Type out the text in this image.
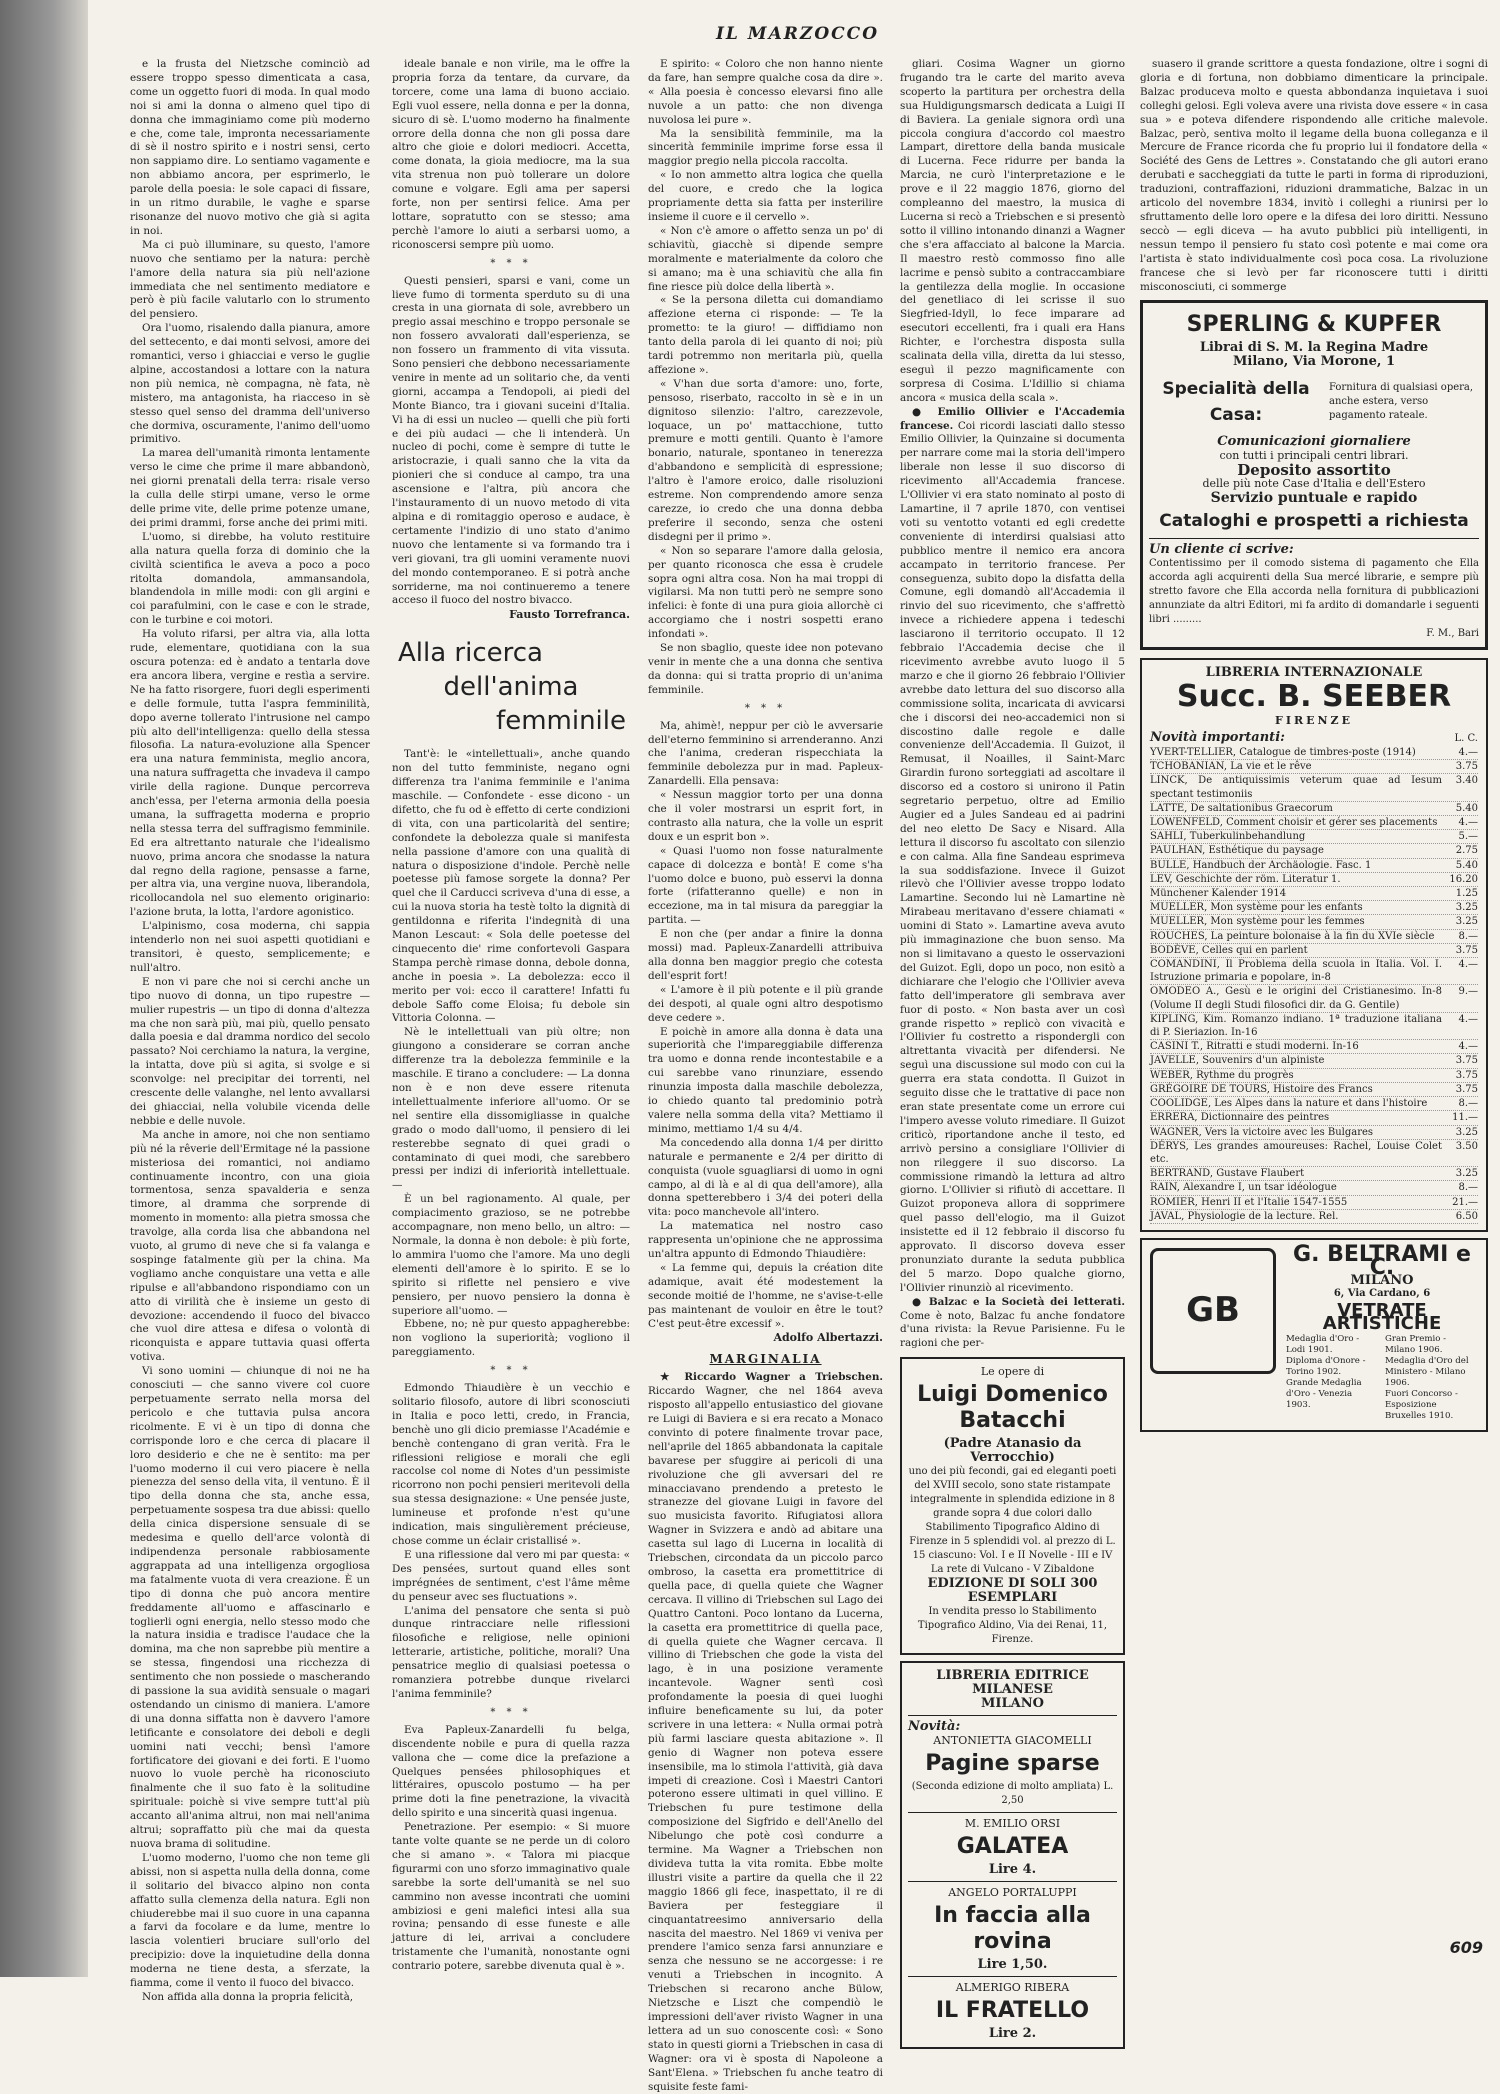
IL MARZOCCO

e la frusta del Nietzsche cominciò ad essere troppo spesso dimenticata a casa, come un oggetto fuori di moda. In qual modo noi si ami la donna o almeno quel tipo di donna che immaginiamo come più moderno e che, come tale, impronta necessariamente di sè il nostro spirito e i nostri sensi, certo non sappiamo dire. Lo sentiamo vagamente e non abbiamo ancora, per esprimerlo, le parole della poesia: le sole capaci di fissare, in un ritmo durabile, le vaghe e sparse risonanze del nuovo motivo che già si agita in noi.

Ma ci può illuminare, su questo, l'amore nuovo che sentiamo per la natura: perchè l'amore della natura sia più nell'azione immediata che nel sentimento mediatore e però è più facile valutarlo con lo strumento del pensiero.

Ora l'uomo, risalendo dalla pianura, amore del settecento, e dai monti selvosi, amore dei romantici, verso i ghiacciai e verso le guglie alpine, accostandosi a lottare con la natura non più nemica, nè compagna, nè fata, nè mistero, ma antagonista, ha riacceso in sè stesso quel senso del dramma dell'universo che dormiva, oscuramente, l'animo dell'uomo primitivo.

La marea dell'umanità rimonta lentamente verso le cime che prime il mare abbandonò, nei giorni prenatali della terra: risale verso la culla delle stirpi umane, verso le orme delle prime vite, delle prime potenze umane, dei primi drammi, forse anche dei primi miti.

L'uomo, si direbbe, ha voluto restituire alla natura quella forza di dominio che la civiltà scientifica le aveva a poco a poco ritolta domandola, ammansandola, blandendola in mille modi: con gli argini e coi parafulmini, con le case e con le strade, con le turbine e coi motori.

Ha voluto rifarsi, per altra via, alla lotta rude, elementare, quotidiana con la sua oscura potenza: ed è andato a tentarla dove era ancora libera, vergine e restìa a servire. Ne ha fatto risorgere, fuori degli esperimenti e delle formule, tutta l'aspra femminilità, dopo averne tollerato l'intrusione nel campo più alto dell'intelligenza: quello della stessa filosofia. La natura-evoluzione alla Spencer era una natura femminista, meglio ancora, una natura suffragetta che invadeva il campo virile della ragione. Dunque percorreva anch'essa, per l'eterna armonia della poesia umana, la suffragetta moderna e proprio nella stessa terra del suffragismo femminile. Ed era altrettanto naturale che l'idealismo nuovo, prima ancora che snodasse la natura dal regno della ragione, pensasse a farne, per altra via, una vergine nuova, liberandola, ricollocandola nel suo elemento originario: l'azione bruta, la lotta, l'ardore agonistico.

L'alpinismo, cosa moderna, chi sappia intenderlo non nei suoi aspetti quotidiani e transitori, è questo, semplicemente; e null'altro.

E non vi pare che noi si cerchi anche un tipo nuovo di donna, un tipo rupestre — mulier rupestris — un tipo di donna d'altezza ma che non sarà più, mai più, quello pensato dalla poesia e dal dramma nordico del secolo passato? Noi cerchiamo la natura, la vergine, la intatta, dove più si agita, si svolge e si sconvolge: nel precipitar dei torrenti, nel crescente delle valanghe, nel lento avvallarsi dei ghiacciai, nella volubile vicenda delle nebbie e delle nuvole.

Ma anche in amore, noi che non sentiamo più né la rêverie dell'Ermitage né la passione misteriosa dei romantici, noi andiamo continuamente incontro, con una gioia tormentosa, senza spavalderia e senza timore, al dramma che sorprende di momento in momento: alla pietra smossa che travolge, alla corda lisa che abbandona nel vuoto, al grumo di neve che si fa valanga e sospinge fatalmente giù per la china. Ma vogliamo anche conquistare una vetta e alle ripulse e all'abbandono rispondiamo con un atto di virilità che è insieme un gesto di devozione: accendendo il fuoco del bivacco che vuol dire attesa e difesa o volontà di riconquista e appare tuttavia quasi offerta votiva.

Vi sono uomini — chiunque di noi ne ha conosciuti — che sanno vivere col cuore perpetuamente serrato nella morsa del pericolo e che tuttavia pulsa ancora ricolmente. E vi è un tipo di donna che corrisponde loro e che cerca di placare il loro desiderio e che ne è sentito: ma per l'uomo moderno il cui vero piacere è nella pienezza del senso della vita, il ventuno. È il tipo della donna che sta, anche essa, perpetuamente sospesa tra due abissi: quello della cinica dispersione sensuale di se medesima e quello dell'arce volontà di indipendenza personale rabbiosamente aggrappata ad una intelligenza orgogliosa ma fatalmente vuota di vera creazione. È un tipo di donna che può ancora mentire freddamente all'uomo e affascinarlo e toglierli ogni energia, nello stesso modo che la natura insidia e tradisce l'audace che la domina, ma che non saprebbe più mentire a se stessa, fingendosi una ricchezza di sentimento che non possiede o mascherando di passione la sua avidità sensuale o magari ostendando un cinismo di maniera. L'amore di una donna siffatta non è davvero l'amore letificante e consolatore dei deboli e degli uomini nati vecchi; bensì l'amore fortificatore dei giovani e dei forti. E l'uomo nuovo lo vuole perchè ha riconosciuto finalmente che il suo fato è la solitudine spirituale: poichè si vive sempre tutt'al più accanto all'anima altrui, non mai nell'anima altrui; sopraffatto più che mai da questa nuova brama di solitudine.

L'uomo moderno, l'uomo che non teme gli abissi, non si aspetta nulla della donna, come il solitario del bivacco alpino non conta affatto sulla clemenza della natura. Egli non chiuderebbe mai il suo cuore in una capanna a farvi da focolare e da lume, mentre lo lascia volentieri bruciare sull'orlo del precipizio: dove la inquietudine della donna moderna ne tiene desta, a sferzate, la fiamma, come il vento il fuoco del bivacco.

Non affida alla donna la propria felicità,

ideale banale e non virile, ma le offre la propria forza da tentare, da curvare, da torcere, come una lama di buono acciaio. Egli vuol essere, nella donna e per la donna, sicuro di sè. L'uomo moderno ha finalmente orrore della donna che non gli possa dare altro che gioie e dolori mediocri. Accetta, come donata, la gioia mediocre, ma la sua vita strenua non può tollerare un dolore comune e volgare. Egli ama per sapersi forte, non per sentirsi felice. Ama per lottare, sopratutto con se stesso; ama perchè l'amore lo aiuti a serbarsi uomo, a riconoscersi sempre più uomo.

* * *

Questi pensieri, sparsi e vani, come un lieve fumo di tormenta sperduto su di una cresta in una giornata di sole, avrebbero un pregio assai meschino e troppo personale se non fossero avvalorati dall'esperienza, se non fossero un frammento di vita vissuta. Sono pensieri che debbono necessariamente venire in mente ad un solitario che, da venti giorni, accampa a Tendopoli, ai piedi del Monte Bianco, tra i giovani suceini d'Italia. Vi ha di essi un nucleo — quelli che più forti e dei più audaci — che li intenderà. Un nucleo di pochi, come è sempre di tutte le aristocrazie, i quali sanno che la vita da pionieri che si conduce al campo, tra una ascensione e l'altra, più ancora che l'instauramento di un nuovo metodo di vita alpina e di romitaggio operoso e audace, è certamente l'indizio di uno stato d'animo nuovo che lentamente si va formando tra i veri giovani, tra gli uomini veramente nuovi del mondo contemporaneo. E si potrà anche sorriderne, ma noi continueremo a tenere acceso il fuoco del nostro bivacco.

Fausto Torrefranca.

Alla ricerca
dell'anima
femminile

Tant'è: le «intellettuali», anche quando non del tutto femministe, negano ogni differenza tra l'anima femminile e l'anima maschile. — Confondete - esse dicono - un difetto, che fu od è effetto di certe condizioni di vita, con una particolarità del sentire; confondete la debolezza quale si manifesta nella passione d'amore con una qualità di natura o disposizione d'indole. Perchè nelle poetesse più famose sorgete la donna? Per quel che il Carducci scriveva d'una di esse, a cui la nuova storia ha testè tolto la dignità di gentildonna e riferita l'indegnità di una Manon Lescaut: « Sola delle poetesse del cinquecento die' rime confortevoli Gaspara Stampa perchè rimase donna, debole donna, anche in poesia ». La debolezza: ecco il merito per voi: ecco il carattere! Infatti fu debole Saffo come Eloisa; fu debole sin Vittoria Colonna. —

Nè le intellettuali van più oltre; non giungono a considerare se corran anche differenze tra la debolezza femminile e la maschile. E tirano a concludere: — La donna non è e non deve essere ritenuta intellettualmente inferiore all'uomo. Or se nel sentire ella dissomigliasse in qualche grado o modo dall'uomo, il pensiero di lei resterebbe segnato di quei gradi o contaminato di quei modi, che sarebbero pressi per indizi di inferiorità intellettuale. —

È un bel ragionamento. Al quale, per compiacimento grazioso, se ne potrebbe accompagnare, non meno bello, un altro: — Normale, la donna è non debole: è più forte, lo ammira l'uomo che l'amore. Ma uno degli elementi dell'amore è lo spirito. E se lo spirito si riflette nel pensiero e vive pensiero, per nuovo pensiero la donna è superiore all'uomo. —

Ebbene, no; nè pur questo appagherebbe: non vogliono la superiorità; vogliono il pareggiamento.

* * *

Edmondo Thiaudière è un vecchio e solitario filosofo, autore di libri sconosciuti in Italia e poco letti, credo, in Francia, benchè uno gli dicio premiasse l'Académie e benchè contengano di gran verità. Fra le riflessioni religiose e morali che egli raccolse col nome di Notes d'un pessimiste ricorrono non pochi pensieri meritevoli della sua stessa designazione: « Une pensée juste, lumineuse et profonde n'est qu'une indication, mais singulièrement précieuse, chose comme un éclair cristallisé ».

E una riflessione dal vero mi par questa: « Des pensées, surtout quand elles sont imprégnées de sentiment, c'est l'âme même du penseur avec ses fluctuations ».

L'anima del pensatore che senta si può dunque rintracciare nelle riflessioni filosofiche e religiose, nelle opinioni letterarie, artistiche, politiche, morali? Una pensatrice meglio di qualsiasi poetessa o romanziera potrebbe dunque rivelarci l'anima femminile?

* * *

Eva Papleux-Zanardelli fu belga, discendente nobile e pura di quella razza vallona che — come dice la prefazione a Quelques pensées philosophiques et littéraires, opuscolo postumo — ha per prime doti la fine penetrazione, la vivacità dello spirito e una sincerità quasi ingenua.

Penetrazione. Per esempio: « Si muore tante volte quante se ne perde un di coloro che si amano ». « Talora mi piacque figurarmi con uno sforzo immaginativo quale sarebbe la sorte dell'umanità se nel suo cammino non avesse incontrati che uomini ambiziosi e geni malefici intesi alla sua rovina; pensando di esse funeste e alle jatture di lei, arrivai a concludere tristamente che l'umanità, nonostante ogni contrario potere, sarebbe divenuta qual è ».

E spirito: « Coloro che non hanno niente da fare, han sempre qualche cosa da dire ». « Alla poesia è concesso elevarsi fino alle nuvole a un patto: che non divenga nuvolosa lei pure ».

Ma la sensibilità femminile, ma la sincerità femminile imprime forse essa il maggior pregio nella piccola raccolta.

« Io non ammetto altra logica che quella del cuore, e credo che la logica propriamente detta sia fatta per insterilire insieme il cuore e il cervello ».

« Non c'è amore o affetto senza un po' di schiavitù, giacchè si dipende sempre moralmente e materialmente da coloro che si amano; ma è una schiavitù che alla fin fine riesce più dolce della libertà ».

« Se la persona diletta cui domandiamo affezione eterna ci risponde: — Te la prometto: te la giuro! — diffidiamo non tanto della parola di lei quanto di noi; più tardi potremmo non meritarla più, quella affezione ».

« V'han due sorta d'amore: uno, forte, pensoso, riserbato, raccolto in sè e in un dignitoso silenzio: l'altro, carezzevole, loquace, un po' mattacchione, tutto premure e motti gentili. Quanto è l'amore bonario, naturale, spontaneo in tenerezza d'abbandono e semplicità di espressione; l'altro è l'amore eroico, dalle risoluzioni estreme. Non comprendendo amore senza carezze, io credo che una donna debba preferire il secondo, senza che osteni disdegni per il primo ».

« Non so separare l'amore dalla gelosia, per quanto riconosca che essa è crudele sopra ogni altra cosa. Non ha mai troppi di vigilarsi. Ma non tutti però ne sempre sono infelici: è fonte di una pura gioia allorchè ci accorgiamo che i nostri sospetti erano infondati ».

Se non sbaglio, queste idee non potevano venir in mente che a una donna che sentiva da donna: qui si tratta proprio di un'anima femminile.

* * *

Ma, ahimè!, neppur per ciò le avversarie dell'eterno femminino si arrenderanno. Anzi che l'anima, crederan rispecchiata la femminile debolezza pur in mad. Papleux-Zanardelli. Ella pensava:

« Nessun maggior torto per una donna che il voler mostrarsi un esprit fort, in contrasto alla natura, che la volle un esprit doux e un esprit bon ».

« Quasi l'uomo non fosse naturalmente capace di dolcezza e bontà! E come s'ha l'uomo dolce e buono, può esservi la donna forte (rifatteranno quelle) e non in eccezione, ma in tal misura da pareggiar la partita. —

E non che (per andar a finire la donna mossi) mad. Papleux-Zanardelli attribuiva alla donna ben maggior pregio che cotesta dell'esprit fort!

« L'amore è il più potente e il più grande dei despoti, al quale ogni altro despotismo deve cedere ».

E poichè in amore alla donna è data una superiorità che l'impareggiabile differenza tra uomo e donna rende incontestabile e a cui sarebbe vano rinunziare, essendo rinunzia imposta dalla maschile debolezza, io chiedo quanto tal predominio potrà valere nella somma della vita? Mettiamo il minimo, mettiamo 1/4 su 4/4.

Ma concedendo alla donna 1/4 per diritto naturale e permanente e 2/4 per diritto di conquista (vuole sguagliarsi di uomo in ogni campo, al di là e al di qua dell'amore), alla donna spetterebbero i 3/4 dei poteri della vita: poco manchevole all'intero.

La matematica nel nostro caso rappresenta un'opinione che ne approssima un'altra appunto di Edmondo Thiaudière:

« La femme qui, depuis la création dite adamique, avait été modestement la seconde moitié de l'homme, ne s'avise-t-elle pas maintenant de vouloir en être le tout? C'est peut-être excessif ».

Adolfo Albertazzi.

MARGINALIA

★ Riccardo Wagner a Triebschen. Riccardo Wagner, che nel 1864 aveva risposto all'appello entusiastico del giovane re Luigi di Baviera e si era recato a Monaco convinto di potere finalmente trovar pace, nell'aprile del 1865 abbandonata la capitale bavarese per sfuggire ai pericoli di una rivoluzione che gli avversari del re minacciavano prendendo a pretesto le stranezze del giovane Luigi in favore del suo musicista favorito. Rifugiatosi allora Wagner in Svizzera e andò ad abitare una casetta sul lago di Lucerna in località di Triebschen, circondata da un piccolo parco ombroso, la casetta era promettitrice di quella pace, di quella quiete che Wagner cercava. Il villino di Triebschen sul Lago dei Quattro Cantoni. Poco lontano da Lucerna, la casetta era promettitrice di quella pace, di quella quiete che Wagner cercava. Il villino di Triebschen che gode la vista del lago, è in una posizione veramente incantevole. Wagner sentì così profondamente la poesia di quei luoghi influire beneficamente su lui, da poter scrivere in una lettera: « Nulla ormai potrà più farmi lasciare questa abitazione ». Il genio di Wagner non poteva essere insensibile, ma lo stimola l'attività, già dava impeti di creazione. Così i Maestri Cantori poterono essere ultimati in quel villino. E Triebschen fu pure testimone della composizione del Sigfrido e dell'Anello del Nibelungo che potè così condurre a termine. Ma Wagner a Triebschen non divideva tutta la vita romita. Ebbe molte illustri visite a partire da quella che il 22 maggio 1866 gli fece, inaspettato, il re di Baviera per festeggiare il cinquantatreesimo anniversario della nascita del maestro. Nel 1869 vi veniva per prendere l'amico senza farsi annunziare e senza che nessuno se ne accorgesse: i re venuti a Triebschen in incognito. A Triebschen si recarono anche Bülow, Nietzsche e Liszt che compendiò le impressioni dell'aver rivisto Wagner in una lettera ad un suo conoscente così: « Sono stato in questi giorni a Triebschen in casa di Wagner: ora vi è sposta di Napoleone a Sant'Elena. » Triebschen fu anche teatro di squisite feste fami-

gliari. Cosima Wagner un giorno frugando tra le carte del marito aveva scoperto la partitura per orchestra della sua Huldigungsmarsch dedicata a Luigi II di Baviera. La geniale signora ordì una piccola congiura d'accordo col maestro Lampart, direttore della banda musicale di Lucerna. Fece ridurre per banda la Marcia, ne curò l'interpretazione e le prove e il 22 maggio 1876, giorno del compleanno del maestro, la musica di Lucerna si recò a Triebschen e si presentò sotto il villino intonando dinanzi a Wagner che s'era affacciato al balcone la Marcia. Il maestro restò commosso fino alle lacrime e pensò subito a contraccambiare la gentilezza della moglie. In occasione del genetliaco di lei scrisse il suo Siegfried-Idyll, lo fece imparare ad esecutori eccellenti, fra i quali era Hans Richter, e l'orchestra disposta sulla scalinata della villa, diretta da lui stesso, eseguì il pezzo magnificamente con sorpresa di Cosima. L'Idillio si chiama ancora « musica della scala ».

● Emilio Ollivier e l'Accademia francese. Coi ricordi lasciati dallo stesso Emilio Ollivier, la Quinzaine si documenta per narrare come mai la storia dell'impero liberale non lesse il suo discorso di ricevimento all'Accademia francese. L'Ollivier vi era stato nominato al posto di Lamartine, il 7 aprile 1870, con ventisei voti su ventotto votanti ed egli credette conveniente di interdirsi qualsiasi atto pubblico mentre il nemico era ancora accampato in territorio francese. Per conseguenza, subito dopo la disfatta della Comune, egli domandò all'Accademia il rinvio del suo ricevimento, che s'affrettò invece a richiedere appena i tedeschi lasciarono il territorio occupato. Il 12 febbraio l'Accademia decise che il ricevimento avrebbe avuto luogo il 5 marzo e che il giorno 26 febbraio l'Ollivier avrebbe dato lettura del suo discorso alla commissione solita, incaricata di avvicarsi che i discorsi dei neo-accademici non si discostino dalle regole e dalle convenienze dell'Accademia. Il Guizot, il Remusat, il Noailles, il Saint-Marc Girardin furono sorteggiati ad ascoltare il discorso ed a costoro si unirono il Patin segretario perpetuo, oltre ad Emilio Augier ed a Jules Sandeau ed ai padrini del neo eletto De Sacy e Nisard. Alla lettura il discorso fu ascoltato con silenzio e con calma. Alla fine Sandeau esprimeva la sua soddisfazione. Invece il Guizot rilevò che l'Ollivier avesse troppo lodato Lamartine. Secondo lui nè Lamartine nè Mirabeau meritavano d'essere chiamati « uomini di Stato ». Lamartine aveva avuto più immaginazione che buon senso. Ma non si limitavano a questo le osservazioni del Guizot. Egli, dopo un poco, non esitò a dichiarare che l'elogio che l'Ollivier aveva fatto dell'imperatore gli sembrava aver fuor di posto. « Non basta aver un così grande rispetto » replicò con vivacità e l'Ollivier fu costretto a rispondergli con altrettanta vivacità per difendersi. Ne seguì una discussione sul modo con cui la guerra era stata condotta. Il Guizot in seguito disse che le trattative di pace non eran state presentate come un errore cui l'impero avesse voluto rimediare. Il Guizot criticò, riportandone anche il testo, ed arrivò persino a consigliare l'Ollivier di non rileggere il suo discorso. La commissione rimandò la lettura ad altro giorno. L'Ollivier si rifiutò di accettare. Il Guizot proponeva allora di sopprimere quel passo dell'elogio, ma il Guizot insistette ed il 12 febbraio il discorso fu approvato. Il discorso doveva esser pronunziato durante la seduta pubblica del 5 marzo. Dopo qualche giorno, l'Ollivier rinunziò al ricevimento.

● Balzac e la Società dei letterati. Come è noto, Balzac fu anche fondatore d'una rivista: la Revue Parisienne. Fu le ragioni che per-

Le opere di
Luigi Domenico Batacchi
(Padre Atanasio da Verrocchio)
uno dei più fecondi, gai ed eleganti poeti del XVIII secolo, sono state ristampate integralmente in splendida edizione in 8 grande sopra 4 due colori dallo Stabilimento Tipografico Aldino di Firenze in 5 splendidi vol. al prezzo di L. 15 ciascuno: Vol. I e II Novelle - III e IV La rete di Vulcano - V Zibaldone
EDIZIONE DI SOLI 300 ESEMPLARI
In vendita presso lo Stabilimento Tipografico Aldino, Via dei Renai, 11, Firenze.
LIBRERIA EDITRICE MILANESE
MILANO
Novità:
ANTONIETTA GIACOMELLI
Pagine sparse
(Seconda edizione di molto ampliata) L. 2,50
M. EMILIO ORSI
GALATEA
Lire 4.
ANGELO PORTALUPPI
In faccia alla rovina
Lire 1,50.
ALMERIGO RIBERA
IL FRATELLO
Lire 2.

suasero il grande scrittore a questa fondazione, oltre i sogni di gloria e di fortuna, non dobbiamo dimenticare la principale. Balzac produceva molto e questa abbondanza inquietava i suoi colleghi gelosi. Egli voleva avere una rivista dove essere « in casa sua » e poteva difendere rispondendo alle critiche malevole. Balzac, però, sentiva molto il legame della buona colleganza e il Mercure de France ricorda che fu proprio lui il fondatore della « Société des Gens de Lettres ». Constatando che gli autori erano derubati e saccheggiati da tutte le parti in forma di riproduzioni, traduzioni, contraffazioni, riduzioni drammatiche, Balzac in un articolo del novembre 1834, invitò i colleghi a riunirsi per lo sfruttamento delle loro opere e la difesa dei loro diritti. Nessuno seccò — egli diceva — ha avuto pubblici più intelligenti, in nessun tempo il pensiero fu stato così potente e mai come ora l'artista è stato individualmente così poca cosa. La rivoluzione francese che si levò per far riconoscere tutti i diritti misconosciuti, ci sommerge

SPERLING & KUPFER
Librai di S. M. la Regina Madre
Milano, Via Morone, 1
Specialità della Casa:
Fornitura di qualsiasi opera, anche estera, verso pagamento rateale.
Comunicazioni giornaliere
con tutti i principali centri librari.
Deposito assortito
delle più note Case d'Italia e dell'Estero
Servizio puntuale e rapido
Cataloghi e prospetti a richiesta
Un cliente ci scrive:
Contentissimo per il comodo sistema di pagamento che Ella accorda agli acquirenti della Sua mercé librarie, e sempre più stretto favore che Ella accorda nella fornitura di pubblicazioni annunziate da altri Editori, mi fa ardito di domandarle i seguenti libri .........
F. M., Bari
LIBRERIA INTERNAZIONALE
Succ. B. SEEBER
FIRENZE
Novità importanti:	L. C.
YVERT-TELLIER, Catalogue de timbres-poste (1914)	4.—
TCHOBANIAN, La vie et le rêve	3.75
LINCK, De antiquissimis veterum quae ad Iesum spectant testimoniis
3.40
LATTE, De saltationibus Graecorum	5.40
LOWENFELD, Comment choisir et gérer ses placements	4.—
SAHLI, Tuberkulinbehandlung	5.—
PAULHAN, Esthétique du paysage	2.75
BULLE, Handbuch der Archäologie. Fasc. 1	5.40
LEV, Geschichte der röm. Literatur 1.	16.20
Münchener Kalender 1914	1.25
MUELLER, Mon système pour les enfants	3.25
MUELLER, Mon système pour les femmes	3.25
ROUCHES, La peinture bolonaise à la fin du XVIe siècle	8.—
BODÈVE, Celles qui en parlent	3.75
COMANDINI, Il Problema della scuola in Italia. Vol. I. Istruzione primaria e popolare, in-8
4.—
OMODEO A., Gesù e le origini del Cristianesimo. In-8 (Volume II degli Studi filosofici dir. da G. Gentile)
9.—
KIPLING, Kim. Romanzo indiano. 1ª traduzione italiana di P. Sieriazion. In-16
4.—
CASINI T., Ritratti e studi moderni. In-16	4.—
JAVELLE, Souvenirs d'un alpiniste	3.75
WEBER, Rythme du progrès	3.75
GRÉGOIRE DE TOURS, Histoire des Francs	3.75
COOLIDGE, Les Alpes dans la nature et dans l'histoire	8.—
ERRERA, Dictionnaire des peintres	11.—
WAGNER, Vers la victoire avec les Bulgares	3.25
DÉRYS, Les grandes amoureuses: Rachel, Louise Colet etc.
3.50
BERTRAND, Gustave Flaubert	3.25
RAIN, Alexandre I, un tsar idéologue	8.—
ROMIER, Henri II et l'Italie 1547-1555	21.—
JAVAL, Physiologie de la lecture. Rel.	6.50
GB
G. BELTRAMI e C.
MILANO
6, Via Cardano, 6
VETRATE ARTISTICHE
Medaglia d'Oro - Lodi 1901.
Diploma d'Onore - Torino 1902.
Grande Medaglia d'Oro - Venezia 1903.
Gran Premio - Milano 1906.
Medaglia d'Oro del Ministero - Milano 1906.
Fuori Concorso - Esposizione Bruxelles 1910.
609
